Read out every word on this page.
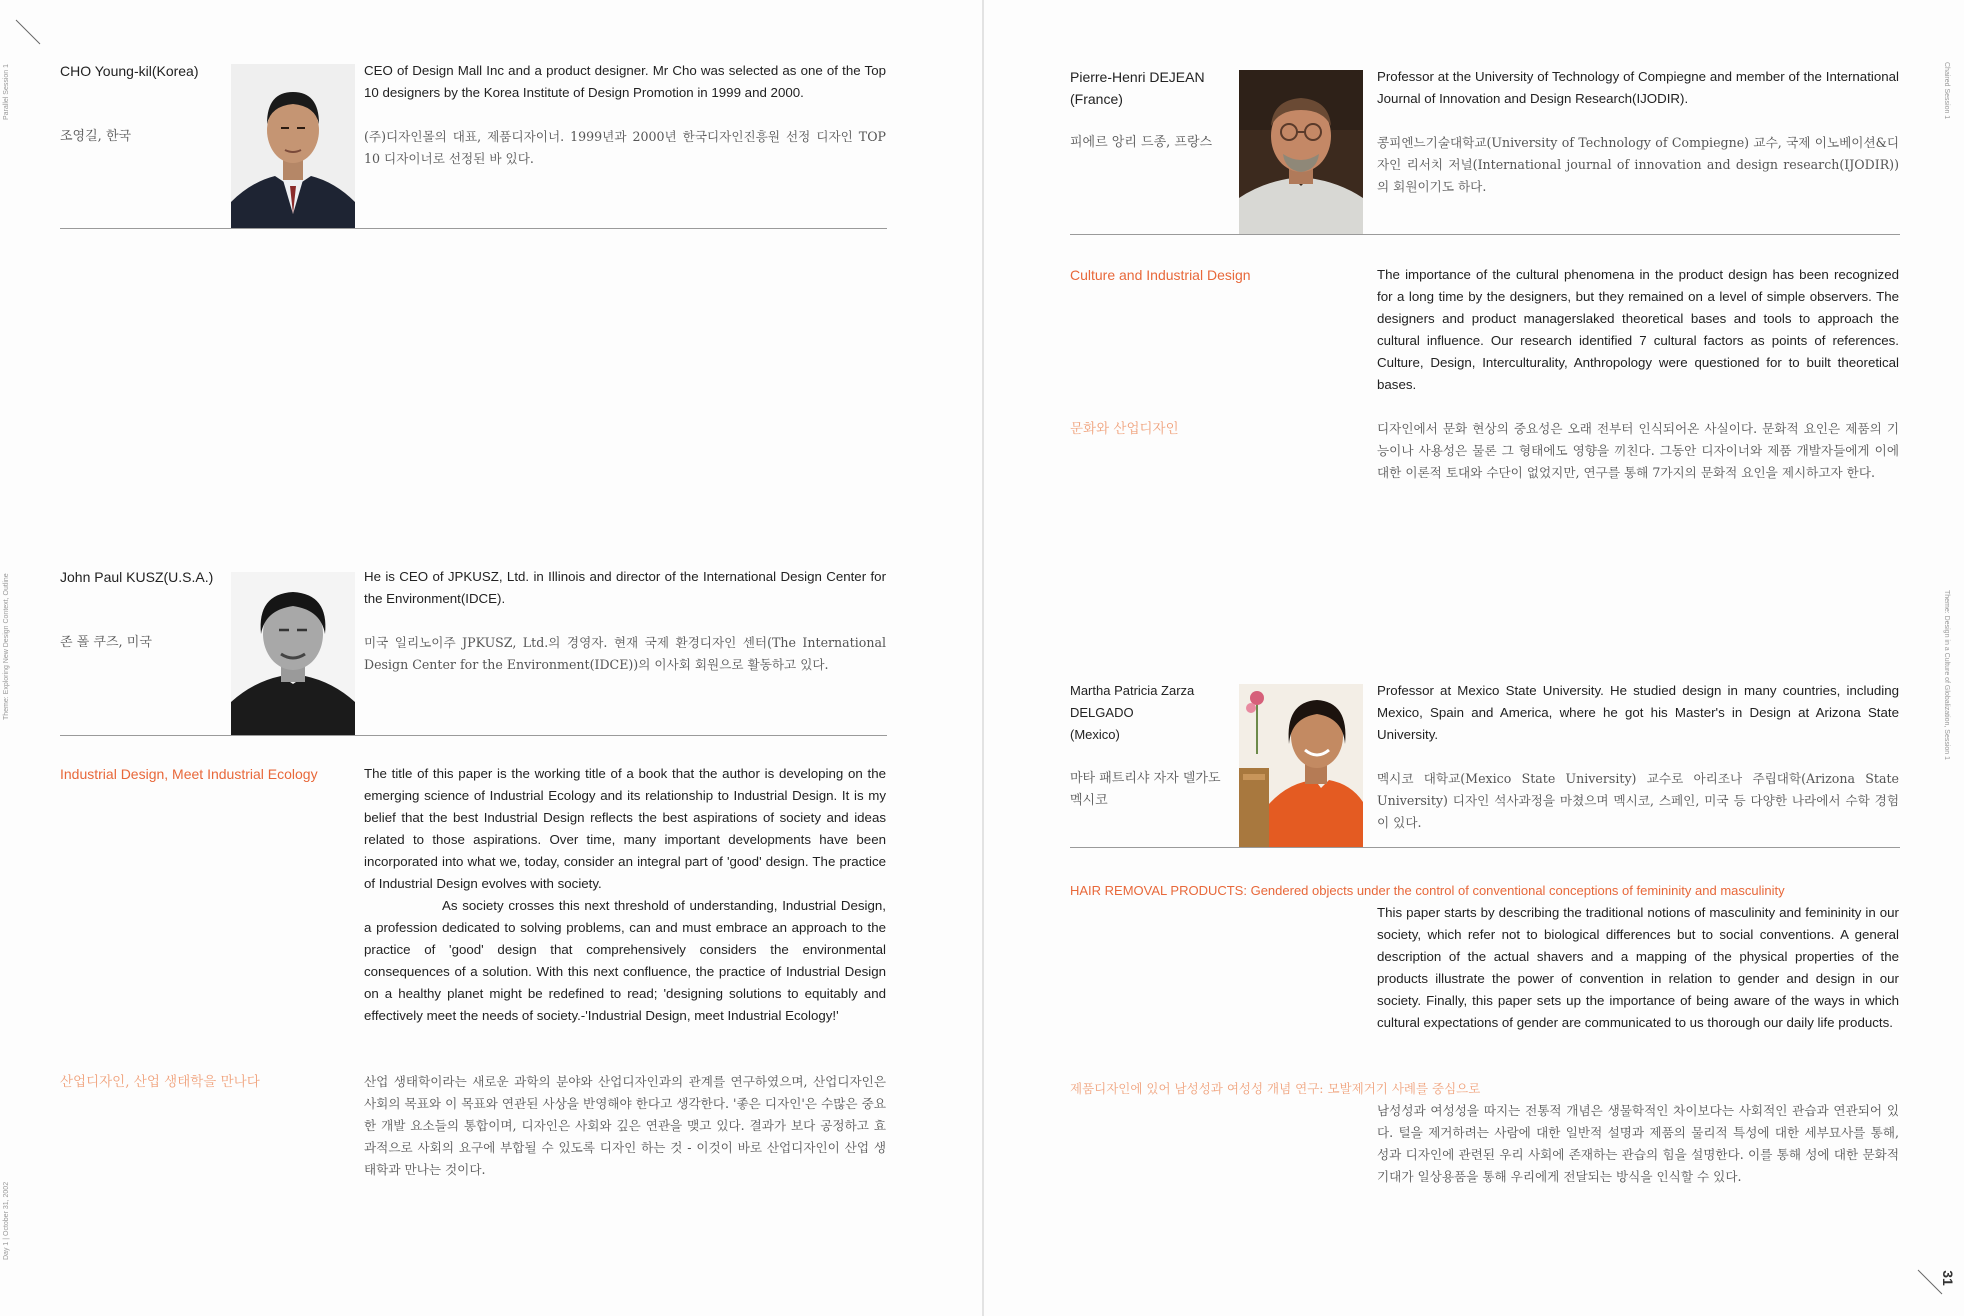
Parallel Session 1
Theme: Exploring New Design Context, Outline
Day 1 | October 31, 2002
CHO Young-kil(Korea)
조영길, 한국
CEO of Design Mall Inc and a product designer. Mr Cho was selected as one of the Top 10 designers by the Korea Institute of Design Promotion in 1999 and 2000.
(주)디자인몰의 대표, 제품디자이너. 1999년과 2000년 한국디자인진흥원 선정 디자인 TOP 10 디자이너로 선정된 바 있다.
John Paul KUSZ(U.S.A.)
존 폴 쿠즈, 미국
He is CEO of JPKUSZ, Ltd. in Illinois and director of the International Design Center for the Environment(IDCE).
미국 일리노이주 JPKUSZ, Ltd.의 경영자. 현재 국제 환경디자인 센터(The International Design Center for the Environment(IDCE))의 이사회 회원으로 활동하고 있다.
Industrial Design, Meet Industrial Ecology	The title of this paper is the working title of a book that the author is developing on the emerging science of Industrial Ecology and its relationship to Industrial Design. It is my belief that the best Industrial Design reflects the best aspirations of society and ideas related to those aspirations. Over time, many important developments have been incorporated into what we, today, consider an integral part of 'good' design. The practice of Industrial Design evolves with society.

As society crosses this next threshold of understanding, Industrial Design, a profession dedicated to solving problems, can and must embrace an approach to the practice of 'good' design that comprehensively considers the environmental consequences of a solution. With this next confluence, the practice of Industrial Design on a healthy planet might be redefined to read; 'designing solutions to equitably and effectively meet the needs of society.-'Industrial Design, meet Industrial Ecology!'

산업디자인, 산업 생태학을 만나다	산업 생태학이라는 새로운 과학의 분야와 산업디자인과의 관계를 연구하였으며, 산업디자인은 사회의 목표와 이 목표와 연관된 사상을 반영해야 한다고 생각한다. '좋은 디자인'은 수많은 중요한 개발 요소들의 통합이며, 디자인은 사회와 깊은 연관을 맺고 있다. 결과가 보다 공정하고 효과적으로 사회의 요구에 부합될 수 있도록 디자인 하는 것 - 이것이 바로 산업디자인이 산업 생태학과 만나는 것이다.
Chaired Session 1
Theme: Design in a Culture of Globalization, Session 1
Pierre-Henri DEJEAN
(France)
피에르 앙리 드종, 프랑스
Professor at the University of Technology of Compiegne and member of the International Journal of Innovation and Design Research(IJODIR).
콩피엔느기술대학교(University of Technology of Compiegne) 교수, 국제 이노베이션&디자인 리서치 저널(International journal of innovation and design research(IJODIR))의 회원이기도 하다.
Culture and Industrial Design	The importance of the cultural phenomena in the product design has been recognized for a long time by the designers, but they remained on a level of simple observers. The designers and product managerslaked theoretical bases and tools to approach the cultural influence. Our research identified 7 cultural factors as points of references. Culture, Design, Interculturality, Anthropology were questioned for to built theoretical bases.
문화와 산업디자인	디자인에서 문화 현상의 중요성은 오래 전부터 인식되어온 사실이다. 문화적 요인은 제품의 기능이나 사용성은 물론 그 형태에도 영향을 끼친다. 그동안 디자이너와 제품 개발자들에게 이에 대한 이론적 토대와 수단이 없었지만, 연구를 통해 7가지의 문화적 요인을 제시하고자 한다.
Martha Patricia Zarza DELGADO
(Mexico)
마타 패트리샤 자자 델가도
멕시코
Professor at Mexico State University. He studied design in many countries, including Mexico, Spain and America, where he got his Master's in Design at Arizona State University.
멕시코 대학교(Mexico State University) 교수로 아리조나 주립대학(Arizona State University) 디자인 석사과정을 마쳤으며 멕시코, 스페인, 미국 등 다양한 나라에서 수학 경험이 있다.
HAIR REMOVAL PRODUCTS: Gendered objects under the control of conventional conceptions of femininity and masculinity
This paper starts by describing the traditional notions of masculinity and femininity in our society, which refer not to biological differences but to social conventions. A general description of the actual shavers and a mapping of the physical properties of the products illustrate the power of convention in relation to gender and design in our society. Finally, this paper sets up the importance of being aware of the ways in which cultural expectations of gender are communicated to us thorough our daily life products.
제품디자인에 있어 남성성과 여성성 개념 연구: 모발제거기 사례를 중심으로
남성성과 여성성을 따지는 전통적 개념은 생물학적인 차이보다는 사회적인 관습과 연관되어 있다. 털을 제거하려는 사람에 대한 일반적 설명과 제품의 물리적 특성에 대한 세부묘사를 통해, 성과 디자인에 관련된 우리 사회에 존재하는 관습의 힘을 설명한다. 이를 통해 성에 대한 문화적 기대가 일상용품을 통해 우리에게 전달되는 방식을 인식할 수 있다.
31
